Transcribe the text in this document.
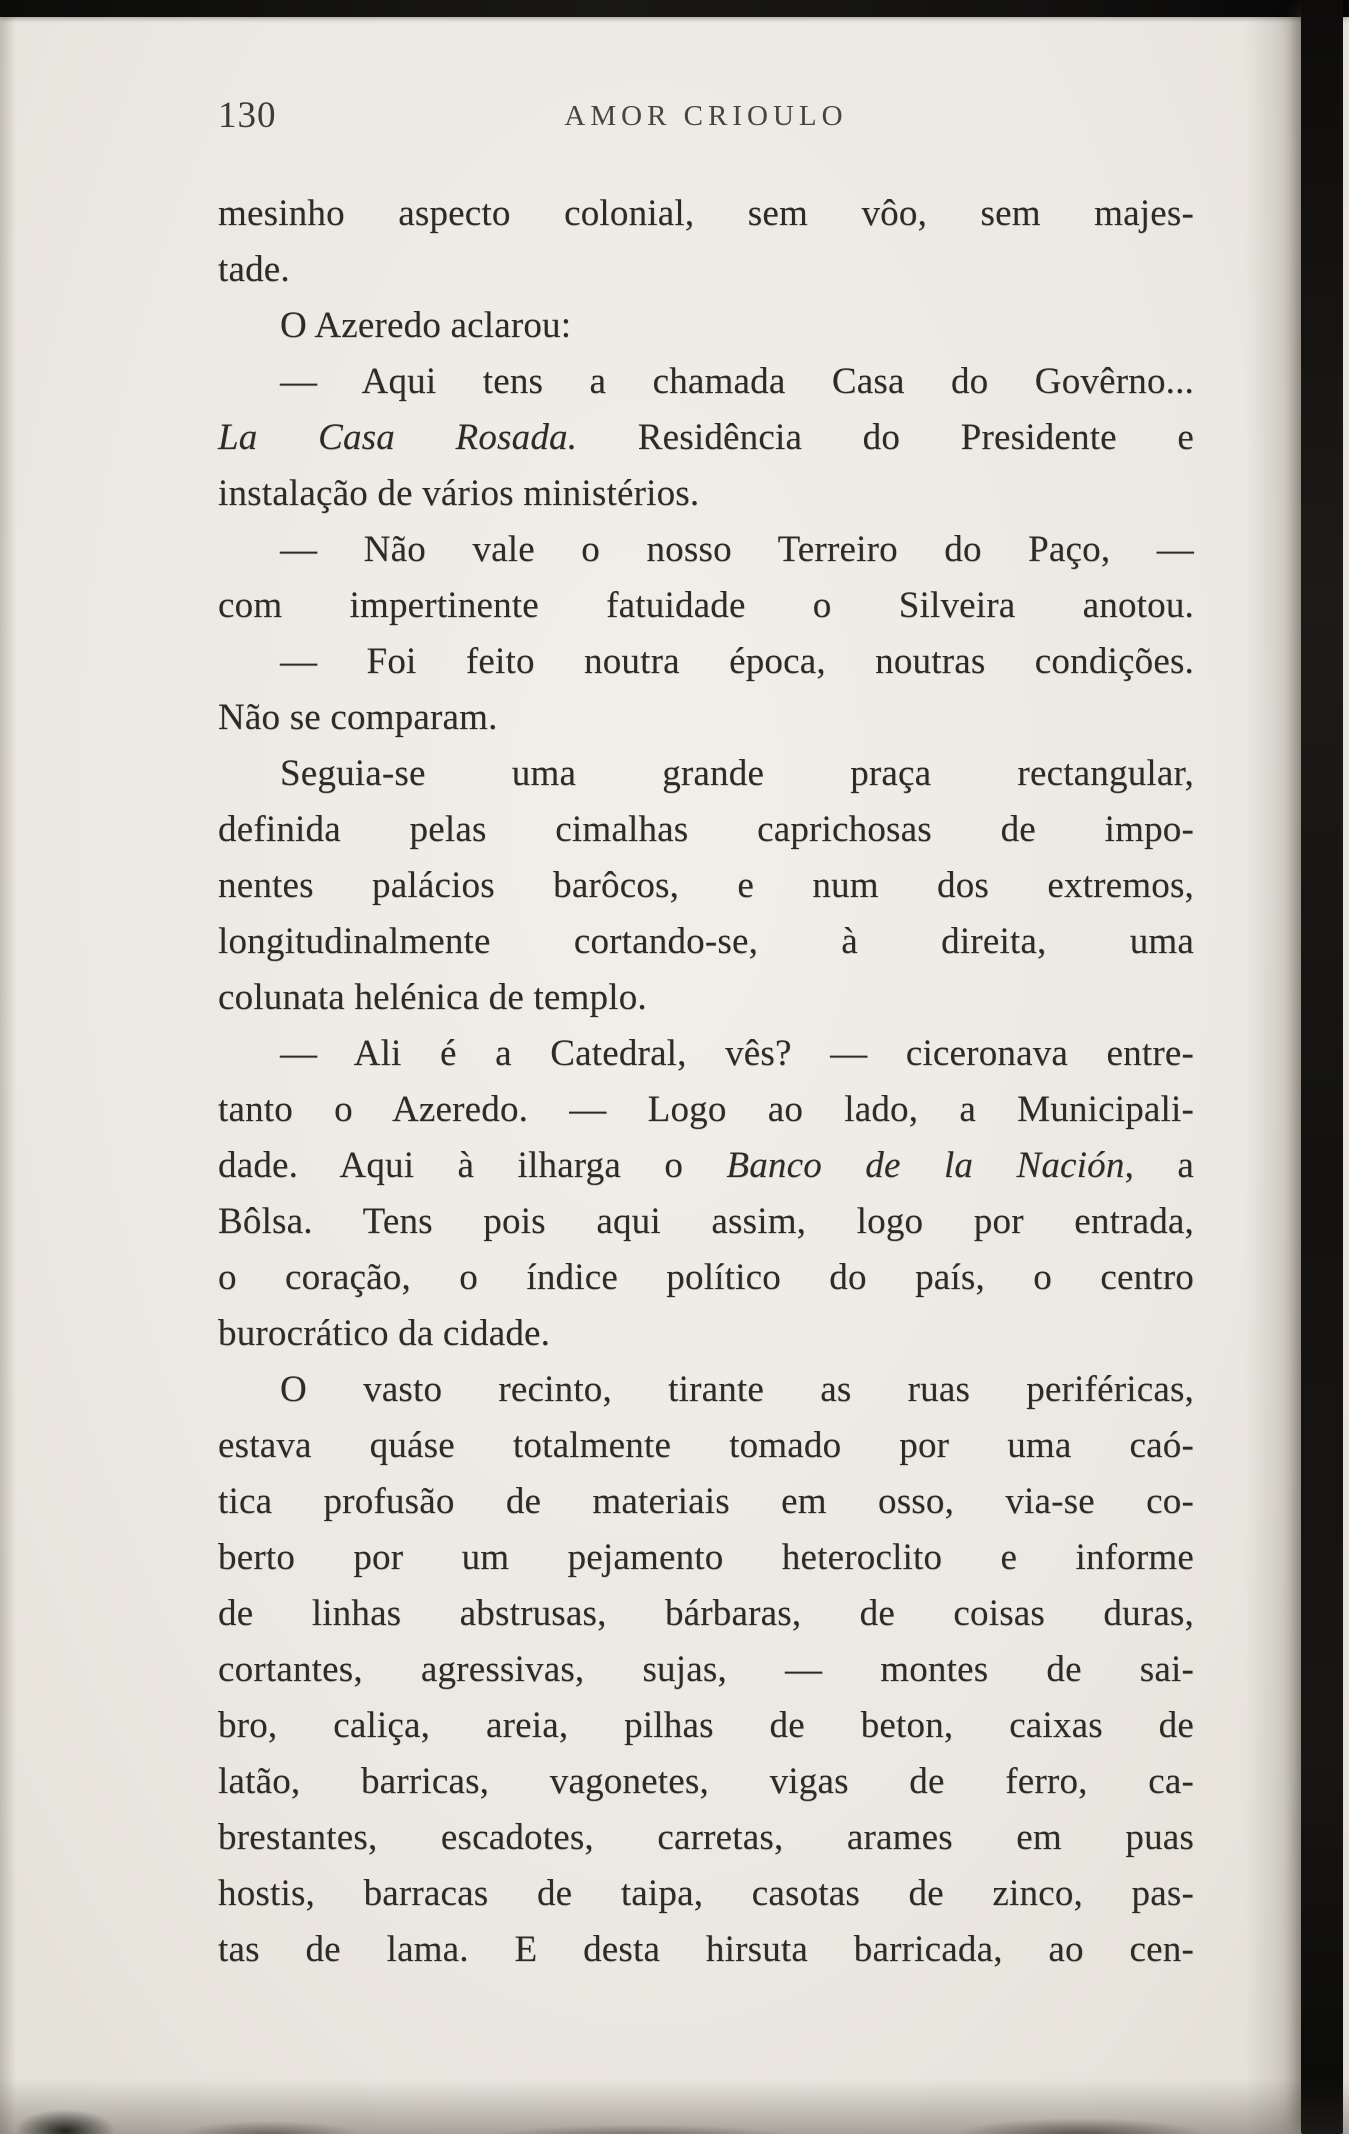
130	AMOR CRIOULO
mesinho aspecto colonial, sem vôo, sem majes-
tade.
O Azeredo aclarou:
— Aqui tens a chamada Casa do Govêrno...
La Casa Rosada. Residência do Presidente e
instalação de vários ministérios.
— Não vale o nosso Terreiro do Paço, —
com impertinente fatuidade o Silveira anotou.
— Foi feito noutra época, noutras condições.
Não se comparam.
Seguia-se uma grande praça rectangular,
definida pelas cimalhas caprichosas de impo-
nentes palácios barôcos, e num dos extremos,
longitudinalmente cortando-se, à direita, uma
colunata helénica de templo.
— Ali é a Catedral, vês? — ciceronava entre-
tanto o Azeredo. — Logo ao lado, a Municipali-
dade. Aqui à ilharga o Banco de la Nación, a
Bôlsa. Tens pois aqui assim, logo por entrada,
o coração, o índice político do país, o centro
burocrático da cidade.
O vasto recinto, tirante as ruas periféricas,
estava quáse totalmente tomado por uma caó-
tica profusão de materiais em osso, via-se co-
berto por um pejamento heteroclito e informe
de linhas abstrusas, bárbaras, de coisas duras,
cortantes, agressivas, sujas, — montes de sai-
bro, caliça, areia, pilhas de beton, caixas de
latão, barricas, vagonetes, vigas de ferro, ca-
brestantes, escadotes, carretas, arames em puas
hostis, barracas de taipa, casotas de zinco, pas-
tas de lama. E desta hirsuta barricada, ao cen-
